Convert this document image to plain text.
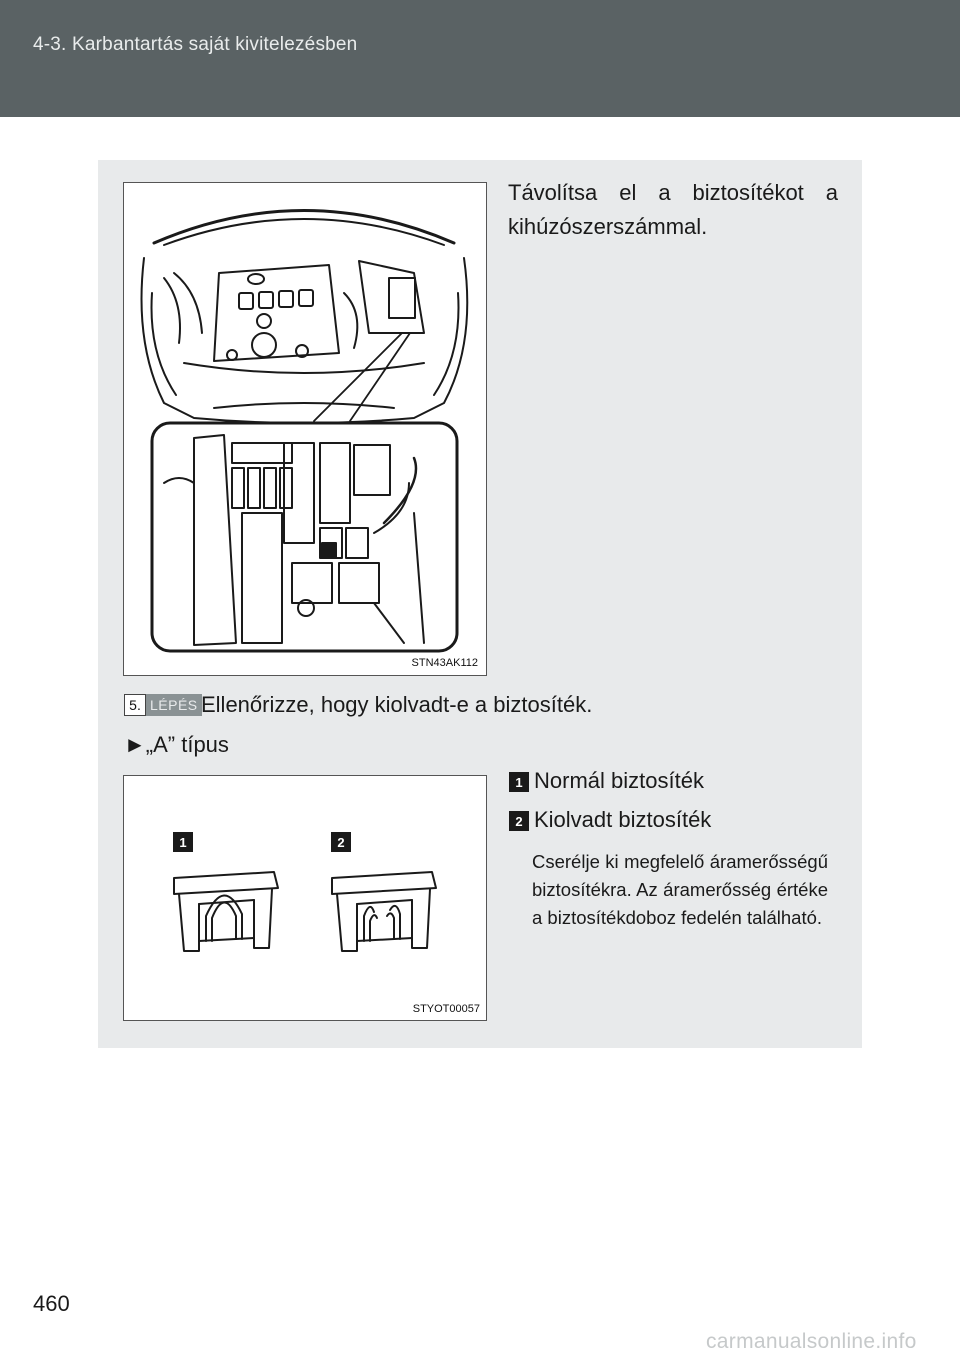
4-3. Karbantartás saját kivitelezésben
Távolítsa el a biztosítékot a kihúzószerszámmal.
STN43AK112
5. LÉPÉS Ellenőrizze, hogy kiolvadt-e a biztosíték.
►„A” típus
1	2
STYOT00057
1 Normál biztosíték
2 Kiolvadt biztosíték
Cserélje ki megfelelő áramerősségű biztosítékra. Az áramerősség értéke a biztosítékdoboz fedelén található.
460
carmanualsonline.info
